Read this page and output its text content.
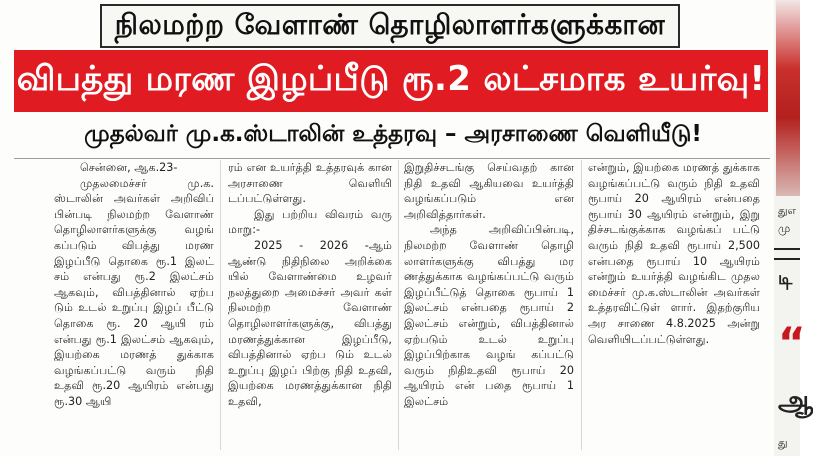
நிலமற்ற வேளாண் தொழிலாளர்களுக்கான
விபத்து மரண இழப்பீடு ரூ.2 லட்சமாக உயர்வு!
முதல்வர் மு.க.ஸ்டாலின் உத்தரவு – அரசாணை வெளியீடு!

சென்னை, ஆக.23-

முதலமைச்சர் மு.க. ஸ்டாலின் அவர்கள் அறிவிப் பின்படி நிலமற்ற வேளாண் தொழிலாளர்களுக்கு வழங் கப்படும் விபத்து மரண இழப்பீடு தொகை ரூ.1 இலட் சம் என்பது ரூ.2 இலட்சம் ஆகவும், விபத்தினால் ஏற்ப டும் உடல் உறுப்பு இழப் பீட்டு தொகை ரூ. 20 ஆயி ரம் என்பது ரூ.1 இலட்சம் ஆகவும், இயற்கை மரணத் துக்காக வழங்கப்பட்டு வரும் நிதி உதவி ரூ.20 ஆயிரம் என்பது ரூ.30 ஆயி

ரம் என உயர்த்தி உத்தரவுக் கான அரசாணை வெளியி டப்பட்டுள்ளது.

இது பற்றிய விவரம் வரு மாறு:-

2025 - 2026 -ஆம் ஆண்டு நிதிநிலை அறிக்கை யில் வேளாண்மை உழவர் நலத்துறை அமைச்சர் அவர் கள் நிலமற்ற வேளாண் தொழிலாளர்களுக்கு, விபத்து மரணத்துக்கான இழப்பீடு, விபத்தினால் ஏற்ப டும் உடல் உறுப்பு இழப் பிற்கு நிதி உதவி, இயற்கை மரணத்துக்கான நிதி உதவி,

இறுதிச்சடங்கு செய்வதற் கான நிதி உதவி ஆகியவை உயர்த்தி வழங்கப்படும் என அறிவித்தார்கள்.

அந்த அறிவிப்பின்படி, நிலமற்ற வேளாண் தொழி லாளர்களுக்கு விபத்து மர ணத்துக்காக வழங்கப்பட்டு வரும் இழப்பீட்டுத் தொகை ரூபாய் 1 இலட்சம் என்பதை ரூபாய் 2 இலட்சம் என்றும், விபத்தினால் ஏற்படும் உடல் உறுப்பு இழப்பிற்காக வழங் கப்பட்டு வரும் நிதிஉதவி ரூபாய் 20 ஆயிரம் என் பதை ரூபாய் 1 இலட்சம்

என்றும், இயற்கை மரணத் துக்காக வழங்கப்பட்டு வரும் நிதி உதவி ரூபாய் 20 ஆயிரம் என்பதை ரூபாய் 30 ஆயிரம் என்றும், இறு திச்சடங்குக்காக வழங்கப் பட்டு வரும் நிதி உதவி ரூபாய் 2,500 என்பதை ரூபாய் 10 ஆயிரம் என்றும் உயர்த்தி வழங்கிட முதல மைச்சர் மு.க.ஸ்டாலின் அவர்கள் உத்தரவிட்டுள் ளார். இதற்குரிய அர சாணை 4.8.2025 அன்று வெளியிடப்பட்டுள்ளது.

துஎ
மு
டி
“
ஆ
து
